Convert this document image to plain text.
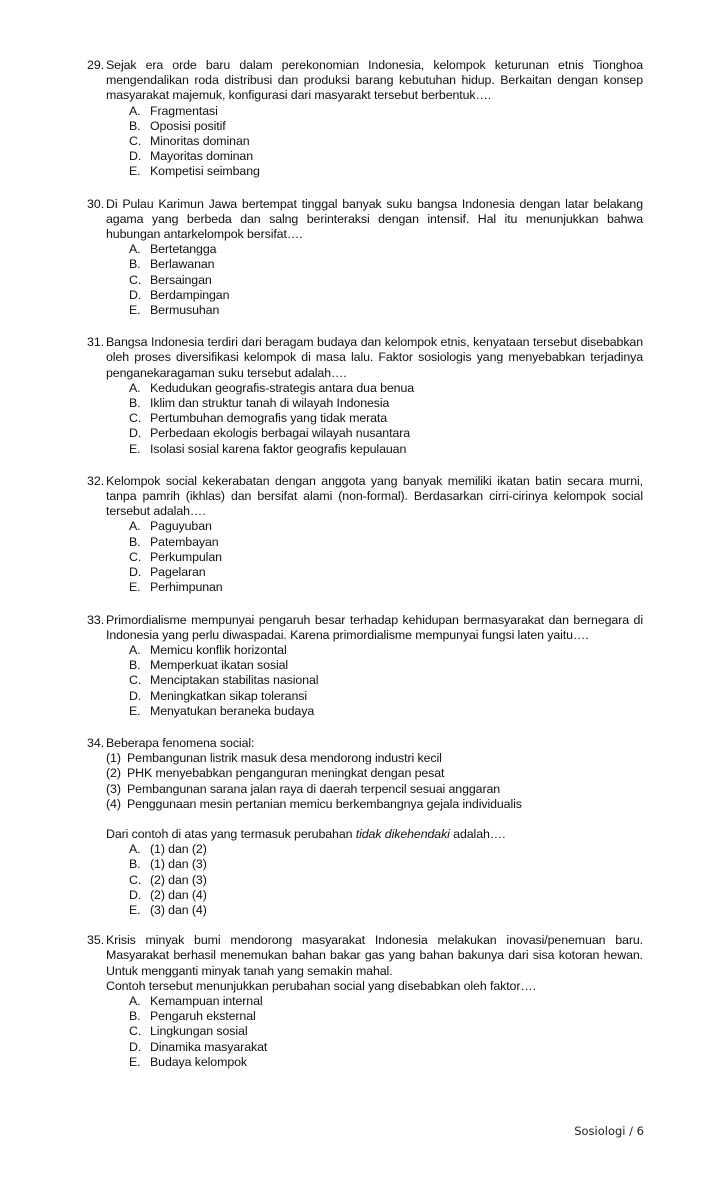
29. Sejak era orde baru dalam perekonomian Indonesia, kelompok keturunan etnis Tionghoa mengendalikan roda distribusi dan produksi barang kebutuhan hidup. Berkaitan dengan konsep masyarakat majemuk, konfigurasi dari masyarakt tersebut berbentuk….
A. Fragmentasi
B. Oposisi positif
C. Minoritas dominan
D. Mayoritas dominan
E. Kompetisi seimbang
30. Di Pulau Karimun Jawa bertempat tinggal banyak suku bangsa Indonesia dengan latar belakang agama yang berbeda dan salng berinteraksi dengan intensif. Hal itu menunjukkan bahwa hubungan antarkelompok bersifat….
A. Bertetangga
B. Berlawanan
C. Bersaingan
D. Berdampingan
E. Bermusuhan
31. Bangsa Indonesia terdiri dari beragam budaya dan kelompok etnis, kenyataan tersebut disebabkan oleh proses diversifikasi kelompok di masa lalu. Faktor sosiologis yang menyebabkan terjadinya penganekaragaman suku tersebut adalah….
A. Kedudukan geografis-strategis antara dua benua
B. Iklim dan struktur tanah di wilayah Indonesia
C. Pertumbuhan demografis yang tidak merata
D. Perbedaan ekologis berbagai wilayah nusantara
E. Isolasi sosial karena faktor geografis kepulauan
32. Kelompok social kekerabatan dengan anggota yang banyak memiliki ikatan batin secara murni, tanpa pamrih (ikhlas) dan bersifat alami (non-formal). Berdasarkan cirri-cirinya kelompok social tersebut adalah….
A. Paguyuban
B. Patembayan
C. Perkumpulan
D. Pagelaran
E. Perhimpunan
33. Primordialisme mempunyai pengaruh besar terhadap kehidupan bermasyarakat dan bernegara di Indonesia yang perlu diwaspadai. Karena primordialisme mempunyai fungsi laten yaitu….
A. Memicu konflik horizontal
B. Memperkuat ikatan sosial
C. Menciptakan stabilitas nasional
D. Meningkatkan sikap toleransi
E. Menyatukan beraneka budaya
34. Beberapa fenomena social:
(1) Pembangunan listrik masuk desa mendorong industri kecil
(2) PHK menyebabkan penganguran meningkat dengan pesat
(3) Pembangunan sarana jalan raya di daerah terpencil sesuai anggaran
(4) Penggunaan mesin pertanian memicu berkembangnya gejala individualis
Dari contoh di atas yang termasuk perubahan tidak dikehendaki adalah….
A. (1) dan (2)
B. (1) dan (3)
C. (2) dan (3)
D. (2) dan (4)
E. (3) dan (4)
35. Krisis minyak bumi mendorong masyarakat Indonesia melakukan inovasi/penemuan baru. Masyarakat berhasil menemukan bahan bakar gas yang bahan bakunya dari sisa kotoran hewan. Untuk mengganti minyak tanah yang semakin mahal.
Contoh tersebut menunjukkan perubahan social yang disebabkan oleh faktor….
A. Kemampuan internal
B. Pengaruh eksternal
C. Lingkungan sosial
D. Dinamika masyarakat
E. Budaya kelompok
Sosiologi / 6
